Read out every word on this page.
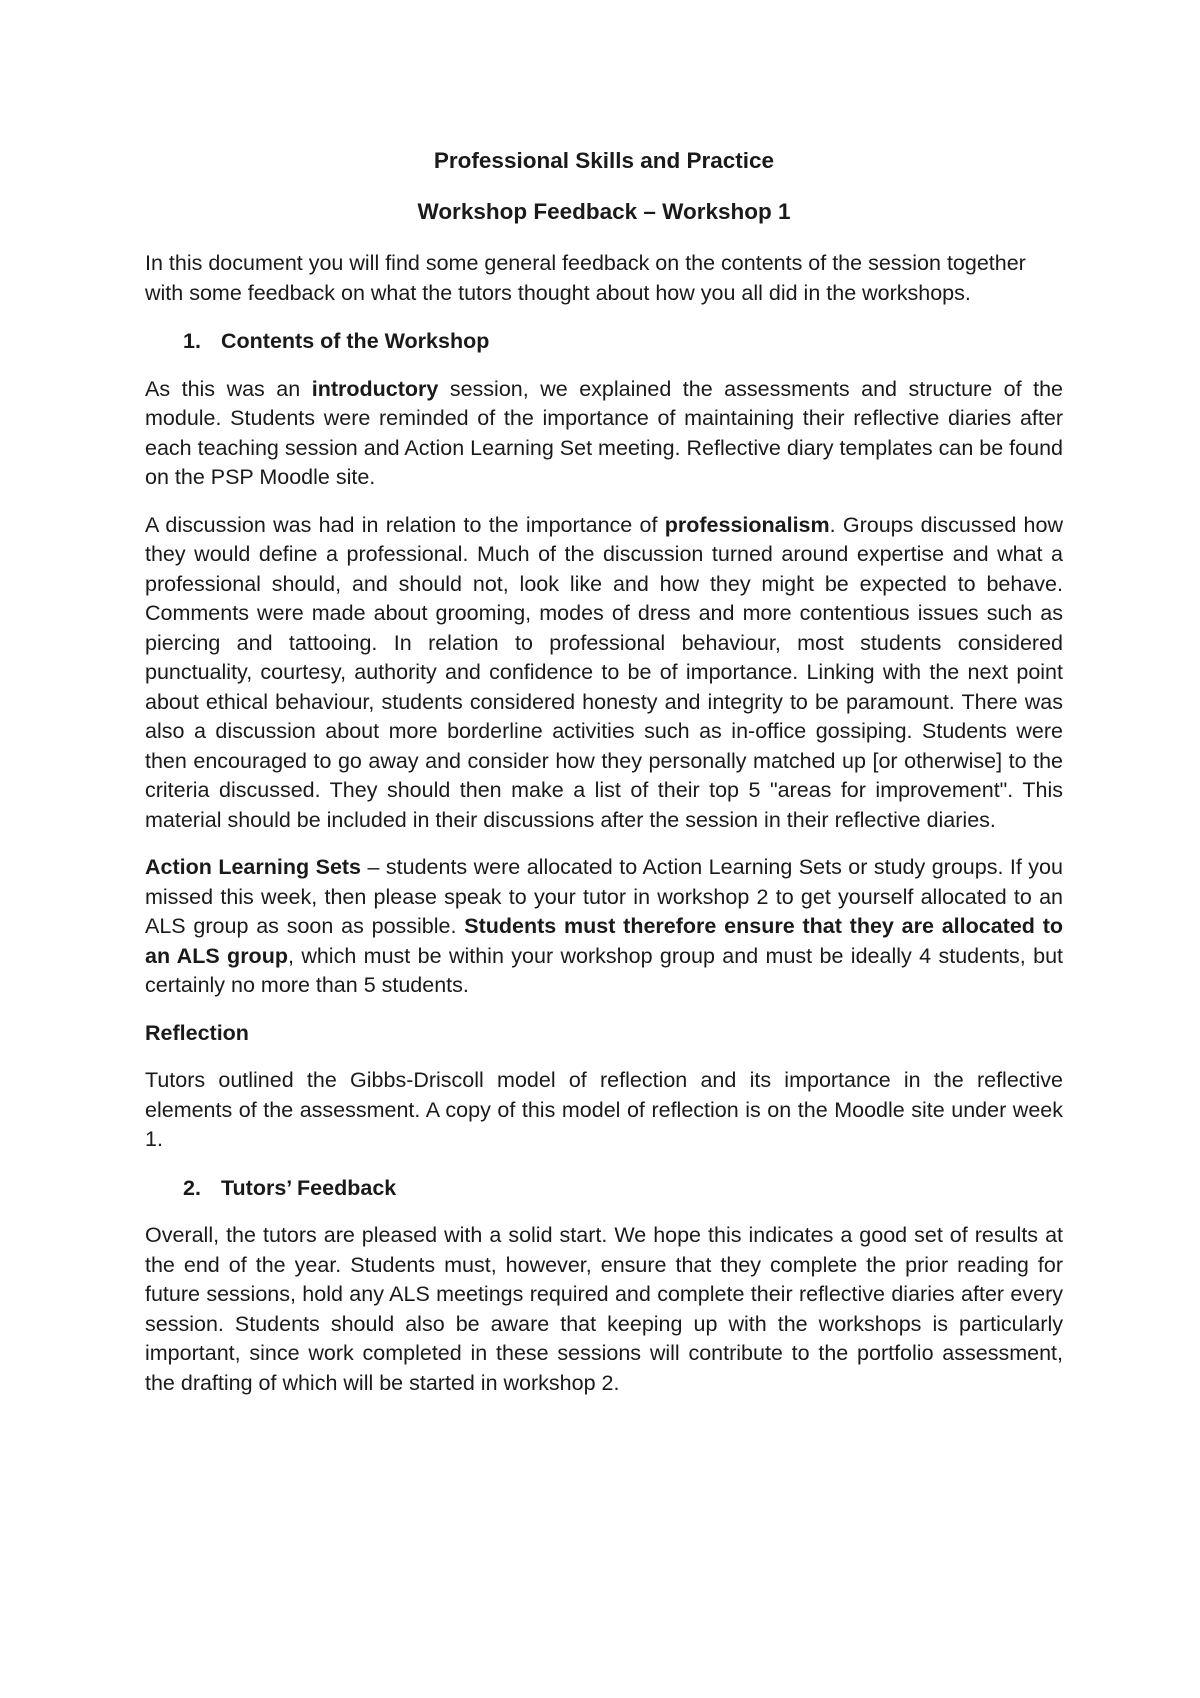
Professional Skills and Practice

Workshop Feedback – Workshop 1

In this document you will find some general feedback on the contents of the session together with some feedback on what the tutors thought about how you all did in the workshops.

1. Contents of the Workshop

As this was an introductory session, we explained the assessments and structure of the module. Students were reminded of the importance of maintaining their reflective diaries after each teaching session and Action Learning Set meeting. Reflective diary templates can be found on the PSP Moodle site.

A discussion was had in relation to the importance of professionalism. Groups discussed how they would define a professional. Much of the discussion turned around expertise and what a professional should, and should not, look like and how they might be expected to behave. Comments were made about grooming, modes of dress and more contentious issues such as piercing and tattooing. In relation to professional behaviour, most students considered punctuality, courtesy, authority and confidence to be of importance. Linking with the next point about ethical behaviour, students considered honesty and integrity to be paramount. There was also a discussion about more borderline activities such as in-office gossiping. Students were then encouraged to go away and consider how they personally matched up [or otherwise] to the criteria discussed. They should then make a list of their top 5 "areas for improvement". This material should be included in their discussions after the session in their reflective diaries.

Action Learning Sets – students were allocated to Action Learning Sets or study groups. If you missed this week, then please speak to your tutor in workshop 2 to get yourself allocated to an ALS group as soon as possible. Students must therefore ensure that they are allocated to an ALS group, which must be within your workshop group and must be ideally 4 students, but certainly no more than 5 students.

Reflection

Tutors outlined the Gibbs-Driscoll model of reflection and its importance in the reflective elements of the assessment. A copy of this model of reflection is on the Moodle site under week 1.

2. Tutors’ Feedback

Overall, the tutors are pleased with a solid start. We hope this indicates a good set of results at the end of the year. Students must, however, ensure that they complete the prior reading for future sessions, hold any ALS meetings required and complete their reflective diaries after every session. Students should also be aware that keeping up with the workshops is particularly important, since work completed in these sessions will contribute to the portfolio assessment, the drafting of which will be started in workshop 2.
